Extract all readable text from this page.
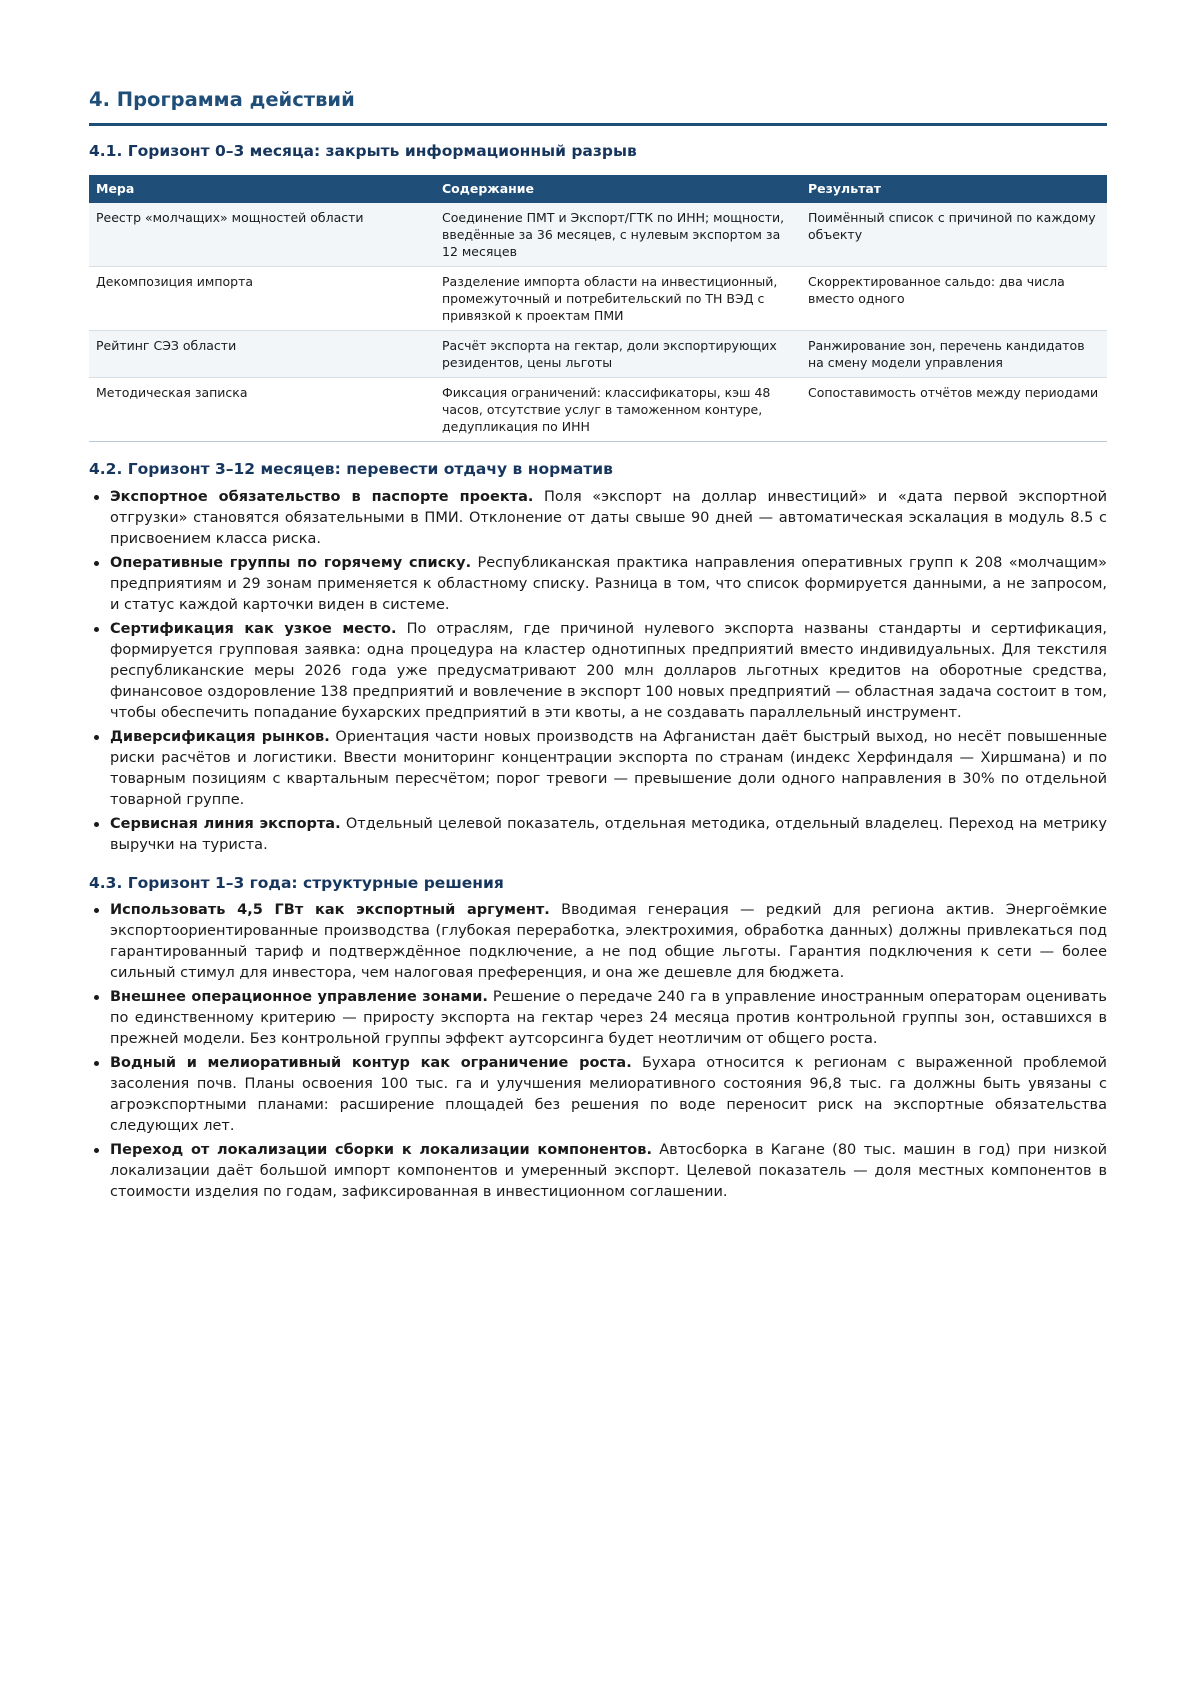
4. Программа действий
4.1. Горизонт 0–3 месяца: закрыть информационный разрыв
Мера	Содержание	Результат
Реестр «молчащих» мощностей области	Соединение ПМТ и Экспорт/ГТК по ИНН; мощности, введённые за 36 месяцев, с нулевым экспортом за 12 месяцев	Поимённый список с причиной по каждому объекту
Декомпозиция импорта	Разделение импорта области на инвестиционный, промежуточный и потребительский по ТН ВЭД с привязкой к проектам ПМИ	Скорректированное сальдо: два числа вместо одного
Рейтинг СЭЗ области	Расчёт экспорта на гектар, доли экспортирующих резидентов, цены льготы	Ранжирование зон, перечень кандидатов на смену модели управления
Методическая записка	Фиксация ограничений: классификаторы, кэш 48 часов, отсутствие услуг в таможенном контуре, дедупликация по ИНН	Сопоставимость отчётов между периодами
4.2. Горизонт 3–12 месяцев: перевести отдачу в норматив
Экспортное обязательство в паспорте проекта. Поля «экспорт на доллар инвестиций» и «дата первой экспортной отгрузки» становятся обязательными в ПМИ. Отклонение от даты свыше 90 дней — автоматическая эскалация в модуль 8.5 с присвоением класса риска.
Оперативные группы по горячему списку. Республиканская практика направления оперативных групп к 208 «молчащим» предприятиям и 29 зонам применяется к областному списку. Разница в том, что список формируется данными, а не запросом, и статус каждой карточки виден в системе.
Сертификация как узкое место. По отраслям, где причиной нулевого экспорта названы стандарты и сертификация, формируется групповая заявка: одна процедура на кластер однотипных предприятий вместо индивидуальных. Для текстиля республиканские меры 2026 года уже предусматривают 200 млн долларов льготных кредитов на оборотные средства, финансовое оздоровление 138 предприятий и вовлечение в экспорт 100 новых предприятий — областная задача состоит в том, чтобы обеспечить попадание бухарских предприятий в эти квоты, а не создавать параллельный инструмент.
Диверсификация рынков. Ориентация части новых производств на Афганистан даёт быстрый выход, но несёт повышенные риски расчётов и логистики. Ввести мониторинг концентрации экспорта по странам (индекс Херфиндаля — Хиршмана) и по товарным позициям с квартальным пересчётом; порог тревоги — превышение доли одного направления в 30% по отдельной товарной группе.
Сервисная линия экспорта. Отдельный целевой показатель, отдельная методика, отдельный владелец. Переход на метрику выручки на туриста.
4.3. Горизонт 1–3 года: структурные решения
Использовать 4,5 ГВт как экспортный аргумент. Вводимая генерация — редкий для региона актив. Энергоёмкие экспортоориентированные производства (глубокая переработка, электрохимия, обработка данных) должны привлекаться под гарантированный тариф и подтверждённое подключение, а не под общие льготы. Гарантия подключения к сети — более сильный стимул для инвестора, чем налоговая преференция, и она же дешевле для бюджета.
Внешнее операционное управление зонами. Решение о передаче 240 га в управление иностранным операторам оценивать по единственному критерию — приросту экспорта на гектар через 24 месяца против контрольной группы зон, оставшихся в прежней модели. Без контрольной группы эффект аутсорсинга будет неотличим от общего роста.
Водный и мелиоративный контур как ограничение роста. Бухара относится к регионам с выраженной проблемой засоления почв. Планы освоения 100 тыс. га и улучшения мелиоративного состояния 96,8 тыс. га должны быть увязаны с агроэкспортными планами: расширение площадей без решения по воде переносит риск на экспортные обязательства следующих лет.
Переход от локализации сборки к локализации компонентов. Автосборка в Кагане (80 тыс. машин в год) при низкой локализации даёт большой импорт компонентов и умеренный экспорт. Целевой показатель — доля местных компонентов в стоимости изделия по годам, зафиксированная в инвестиционном соглашении.
